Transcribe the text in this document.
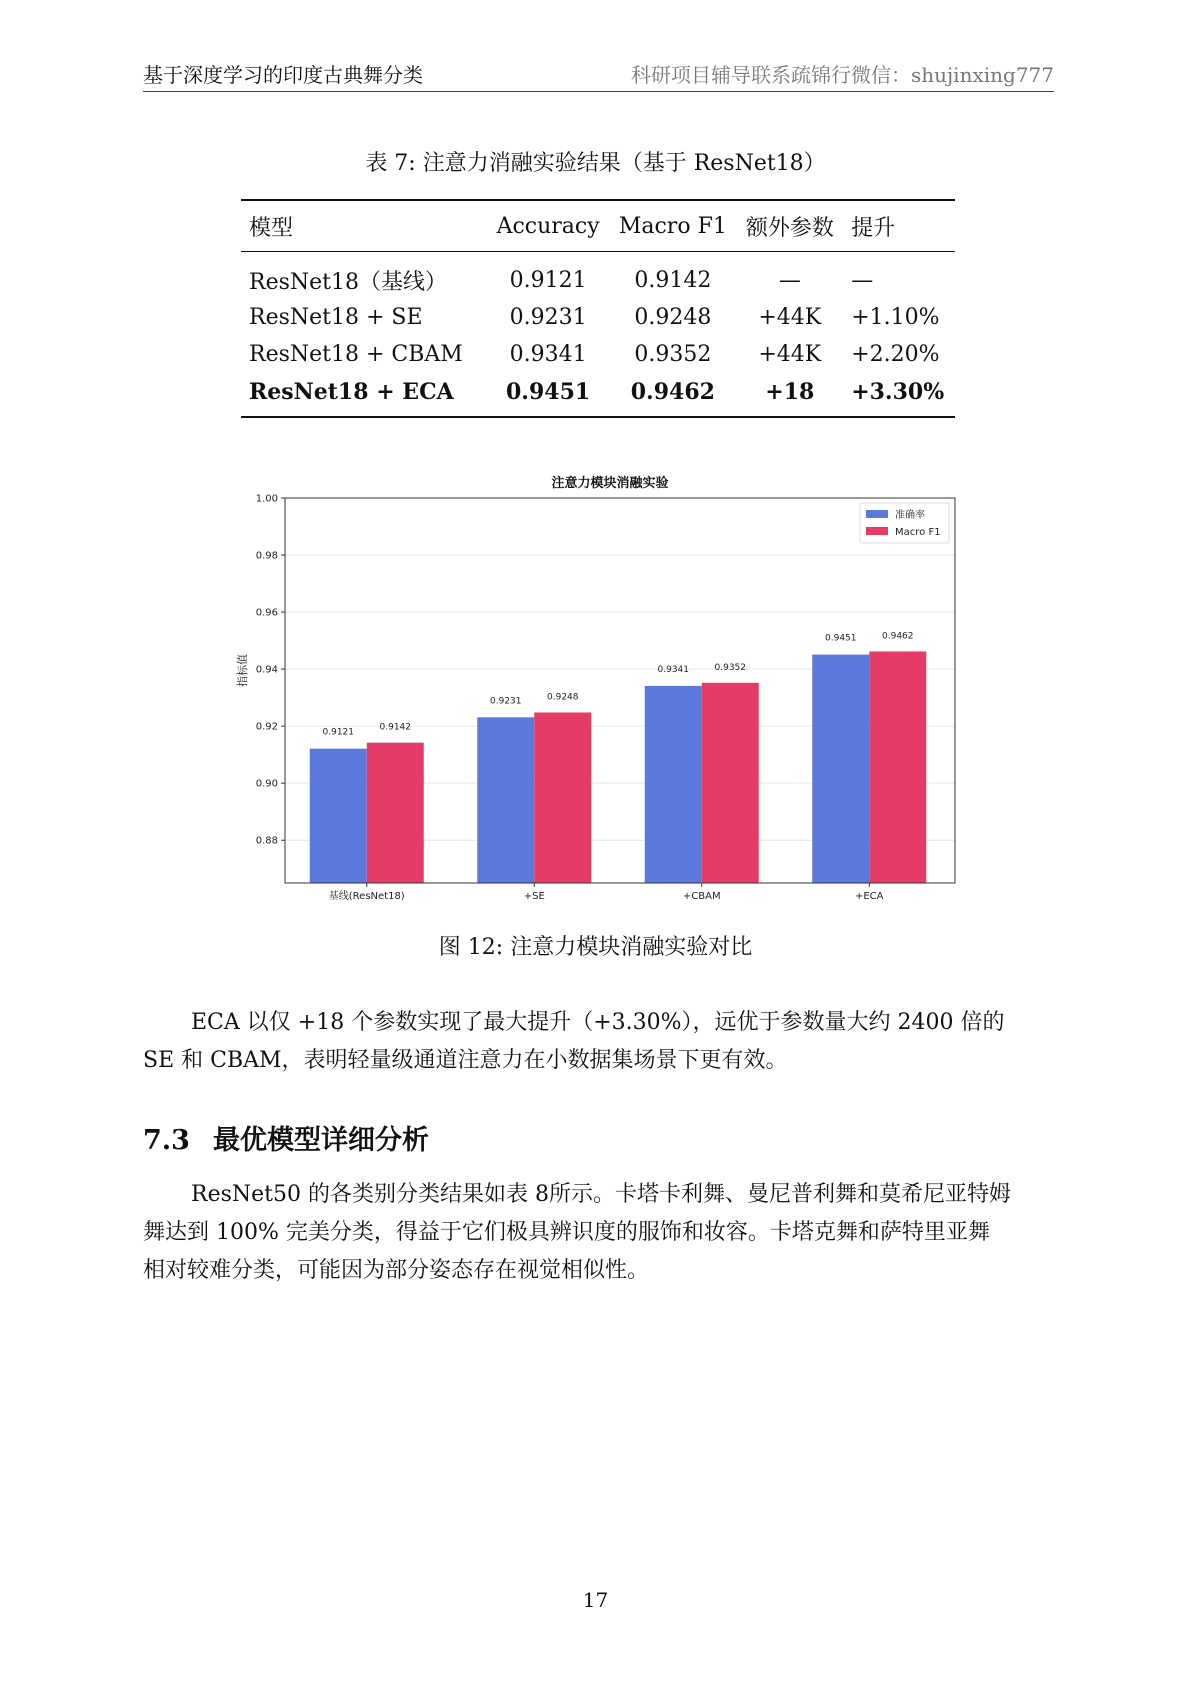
基于深度学习的印度古典舞分类	科研项目辅导联系疏锦行微信：shujinxing777
表 7: 注意力消融实验结果（基于 ResNet18）
模型	Accuracy	Macro F1	额外参数	提升
ResNet18（基线）	0.9121	0.9142	—	—
ResNet18 + SE	0.9231	0.9248	+44K	+1.10%
ResNet18 + CBAM	0.9341	0.9352	+44K	+2.20%
ResNet18 + ECA	0.9451	0.9462	+18	+3.30%
注意力模块消融实验
0.88
0.90
0.92
0.94
0.96
0.98
1.00
指标值
0.9121	0.9142
基线(ResNet18)
0.9231	0.9248
+SE
0.9341	0.9352
+CBAM
0.9451	0.9462
+ECA
准确率
Macro F1
图 12: 注意力模块消融实验对比
ECA 以仅 +18 个参数实现了最大提升（+3.30%），远优于参数量大约 2400 倍的
SE 和 CBAM，表明轻量级通道注意力在小数据集场景下更有效。
7.3 最优模型详细分析
ResNet50 的各类别分类结果如表 8所示。卡塔卡利舞、曼尼普利舞和莫希尼亚特姆
舞达到 100% 完美分类，得益于它们极具辨识度的服饰和妆容。卡塔克舞和萨特里亚舞
相对较难分类，可能因为部分姿态存在视觉相似性。
17
